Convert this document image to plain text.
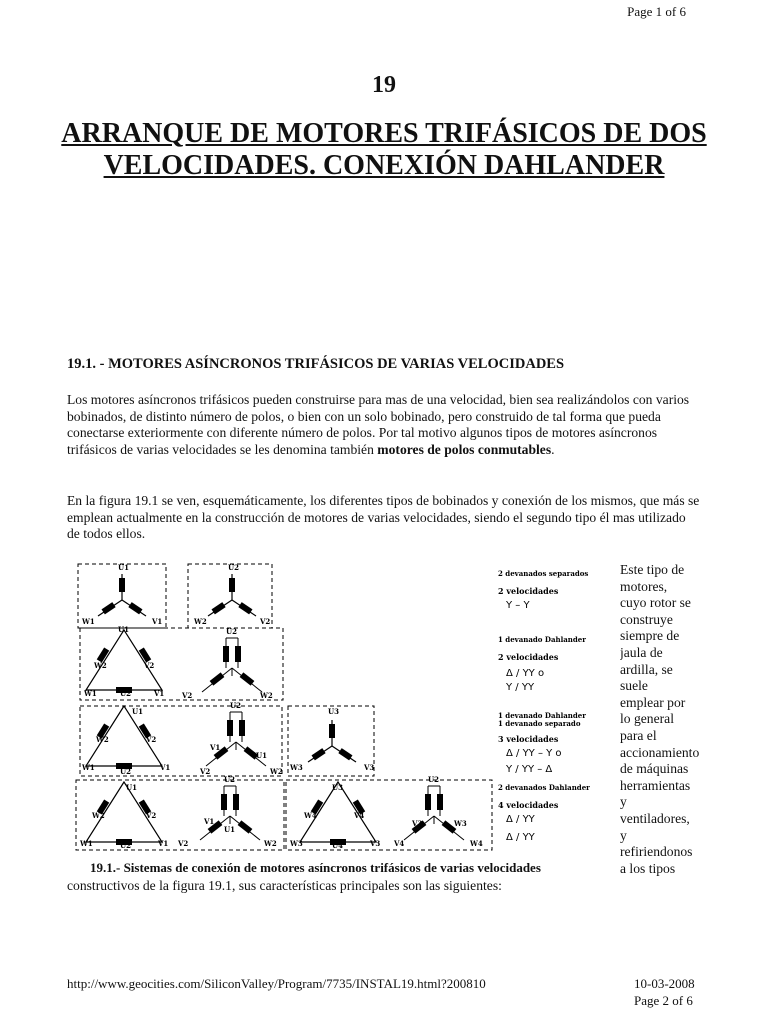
Page 1 of 6
19
ARRANQUE DE MOTORES TRIFÁSICOS DE DOS VELOCIDADES. CONEXIÓN DAHLANDER
19.1. - MOTORES ASÍNCRONOS TRIFÁSICOS DE VARIAS VELOCIDADES
Los motores asíncronos trifásicos pueden construirse para mas de una velocidad, bien sea realizándolos con varios bobinados, de distinto número de polos, o bien con un solo bobinado, pero construido de tal forma que pueda conectarse exteriormente con diferente número de polos. Por tal motivo algunos tipos de motores asíncronos trifásicos de varias velocidades se les denomina también motores de polos conmutables.
En la figura 19.1 se ven, esquemáticamente, los diferentes tipos de bobinados y conexión de los mismos, que más se emplean actualmente en la construcción de motores de varias velocidades, siendo el segundo tipo él mas utilizado de todos ellos.
Este tipo de
motores,
cuyo rotor se
construye
siempre de
jaula de
ardilla, se
suele
emplear por
lo general
para el
accionamiento
de máquinas
herramientas
y
ventiladores,
y
refiriendonos
a los tipos
U1
W1	V1
U2
W2	V2
U1
W2	V2
W1	U2	V1	V2	W2
U1
W2	V2
W1	U2	V1
V1
U1
V2	W2
U3
W3	V3
U1
W2	V2
W1	U2	V1
V1
U1
V2	W2
U3
W4	V4
W3	U4	V3
V3	W3
V4	W4
2 devanados separados
2 velocidades
Y – Y
1 devanado Dahlander
2 velocidades
Δ / YY o
Y / YY
1 devanado Dahlander
1 devanado separado
3 velocidades
Δ / YY – Y o
Y / YY – Δ
2 devanados Dahlander
4 velocidades
Δ / YY
Δ / YY
19.1.- Sistemas de conexión de motores asíncronos trifásicos de varias velocidades
constructivos de la figura 19.1, sus características principales son las siguientes:
http://www.geocities.com/SiliconValley/Program/7735/INSTAL19.html?200810	10-03-2008
Page 2 of 6
